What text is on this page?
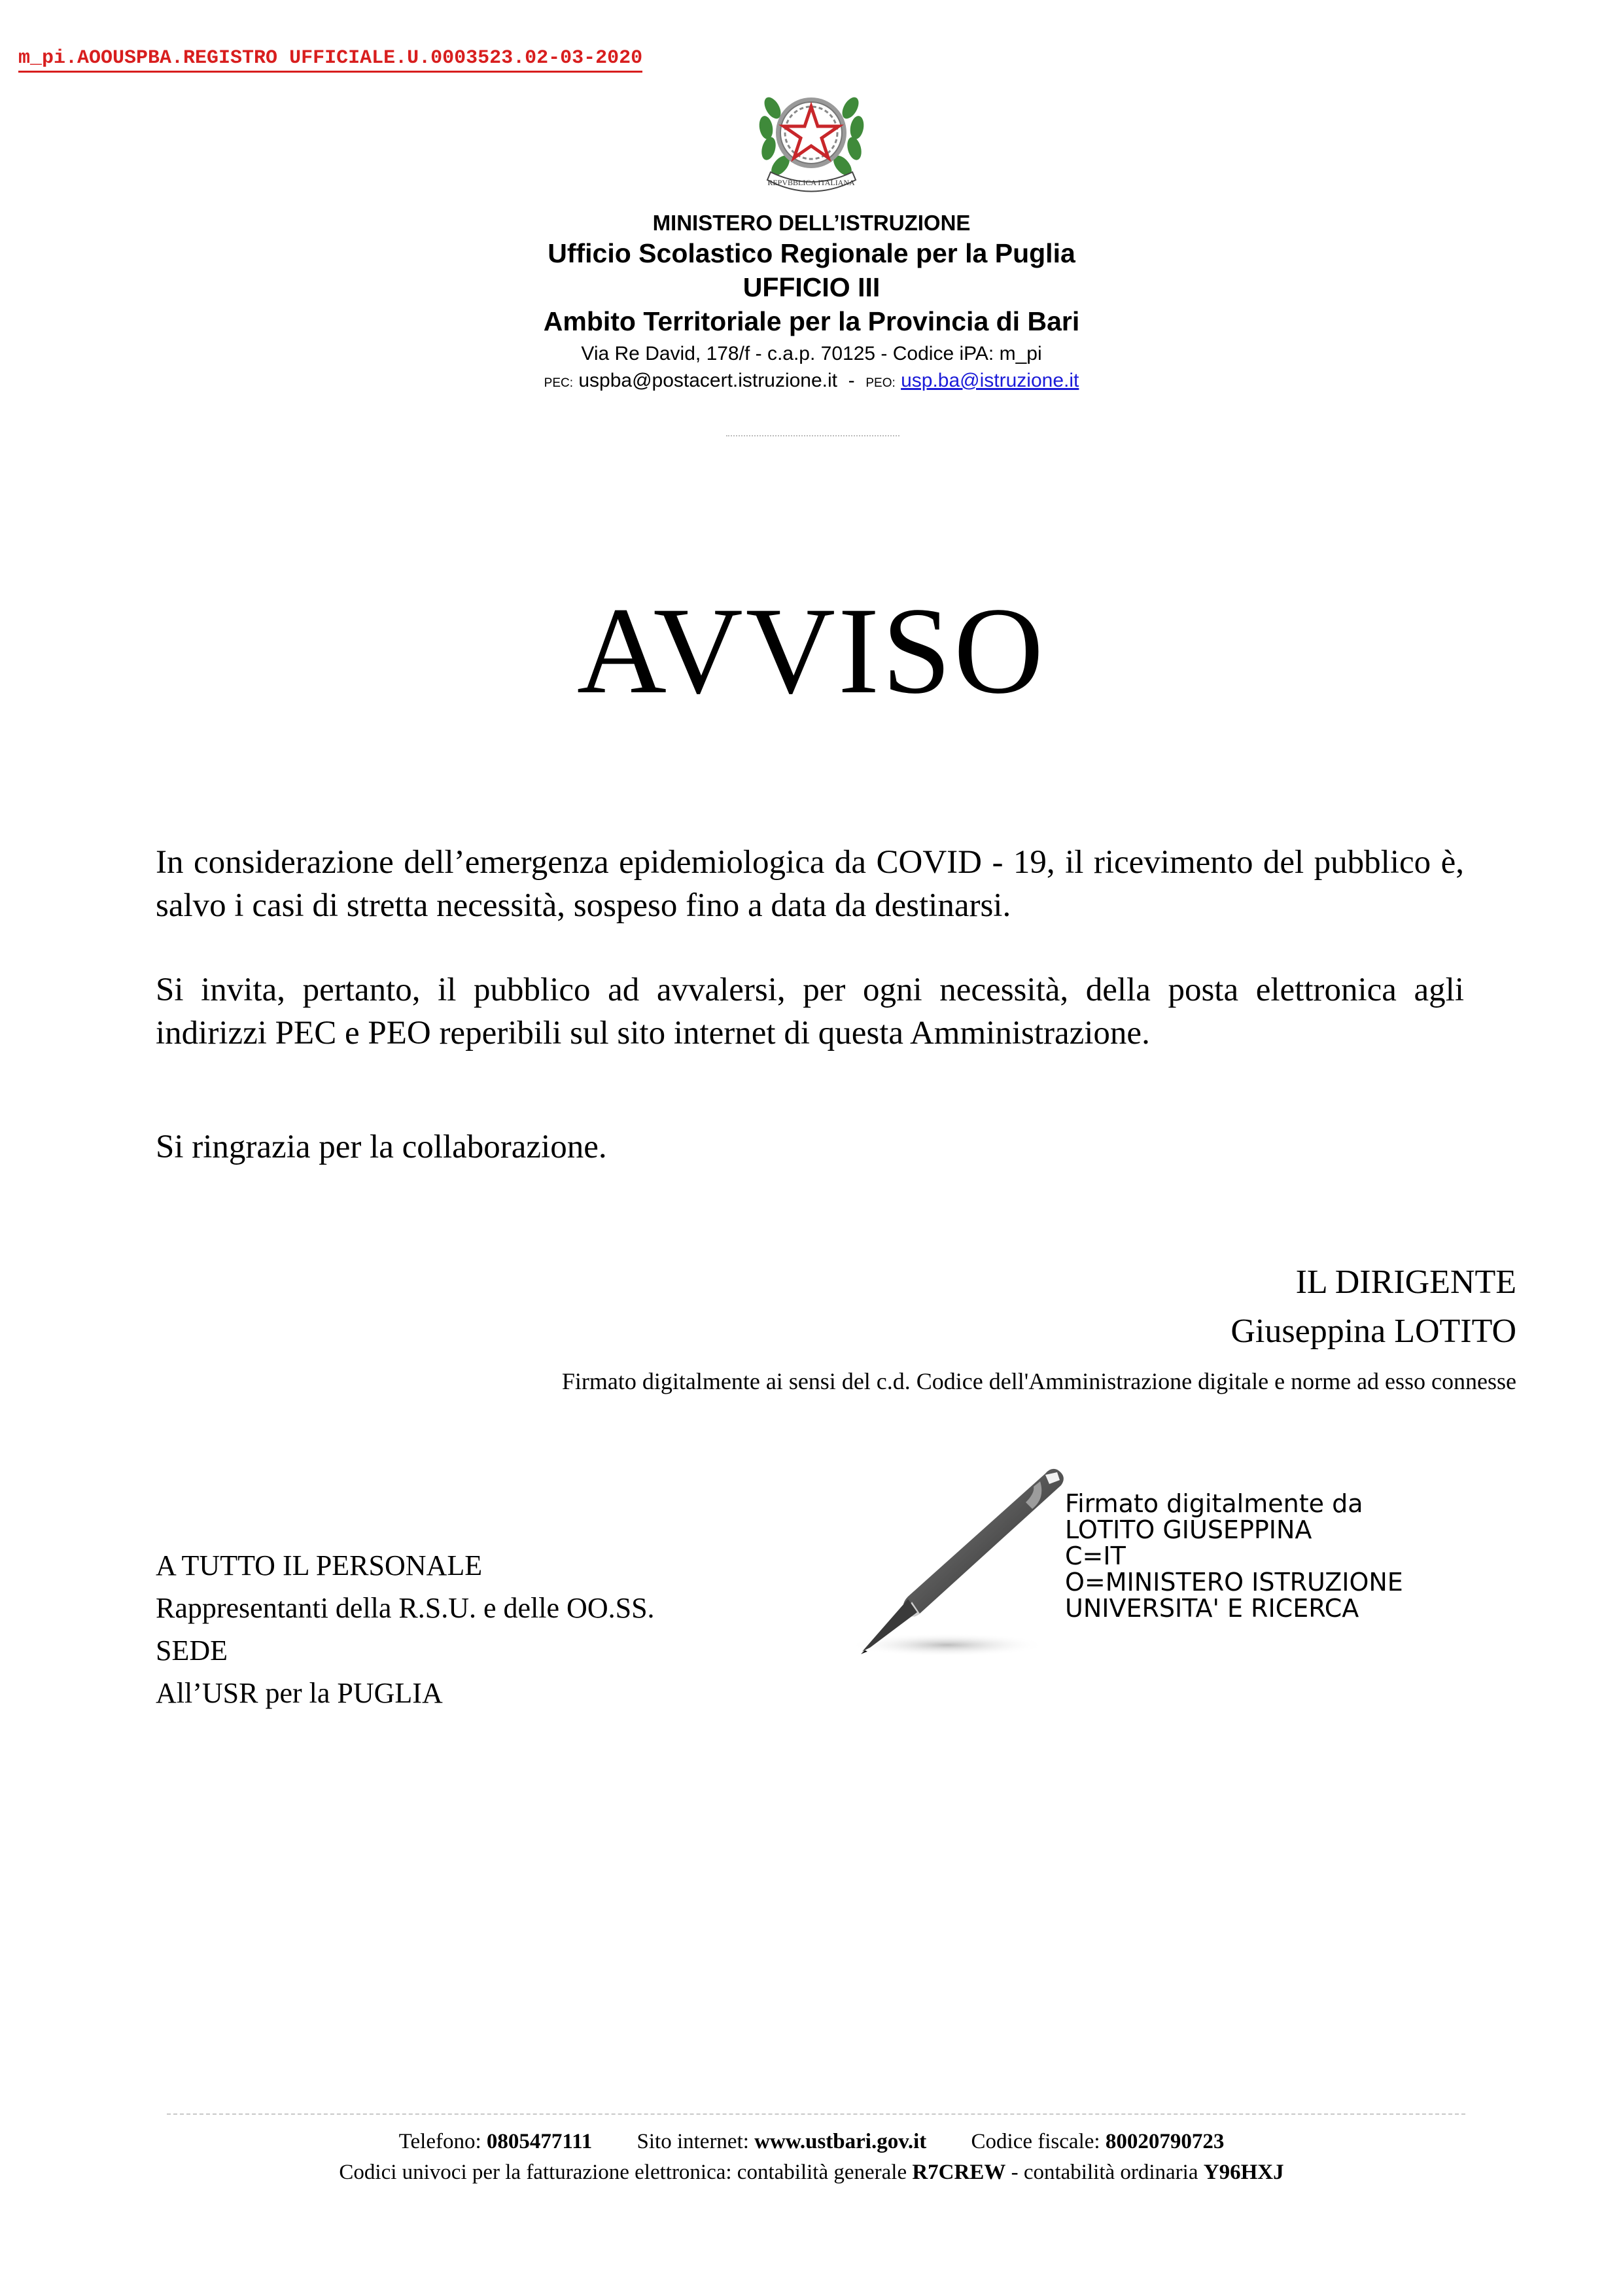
m_pi.AOOUSPBA.REGISTRO UFFICIALE.U.0003523.02-03-2020
REPVBBLICA ITALIANA
MINISTERO DELL’ISTRUZIONE
Ufficio Scolastico Regionale per la Puglia
UFFICIO III
Ambito Territoriale per la Provincia di Bari
Via Re David, 178/f - c.a.p. 70125 - Codice iPA: m_pi
PEC: uspba@postacert.istruzione.it - PEO: usp.ba@istruzione.it
AVVISO
In considerazione dell’emergenza epidemiologica da COVID - 19, il ricevimento del pubblico è, salvo i casi di stretta necessità, sospeso fino a data da destinarsi.
Si invita, pertanto, il pubblico ad avvalersi, per ogni necessità, della posta elettronica agli indirizzi PEC e PEO reperibili sul sito internet di questa Amministrazione.
Si ringrazia per la collaborazione.
IL DIRIGENTE
Giuseppina LOTITO
Firmato digitalmente ai sensi del c.d. Codice dell'Amministrazione digitale e norme ad esso connesse
A TUTTO IL PERSONALE
Rappresentanti della R.S.U. e delle OO.SS.
SEDE
All’USR per la PUGLIA
Firmato digitalmente da
LOTITO GIUSEPPINA
C=IT
O=MINISTERO ISTRUZIONE
UNIVERSITA' E RICERCA
Telefono: 0805477111 Sito internet: www.ustbari.gov.it Codice fiscale: 80020790723
Codici univoci per la fatturazione elettronica: contabilità generale R7CREW - contabilità ordinaria Y96HXJ
